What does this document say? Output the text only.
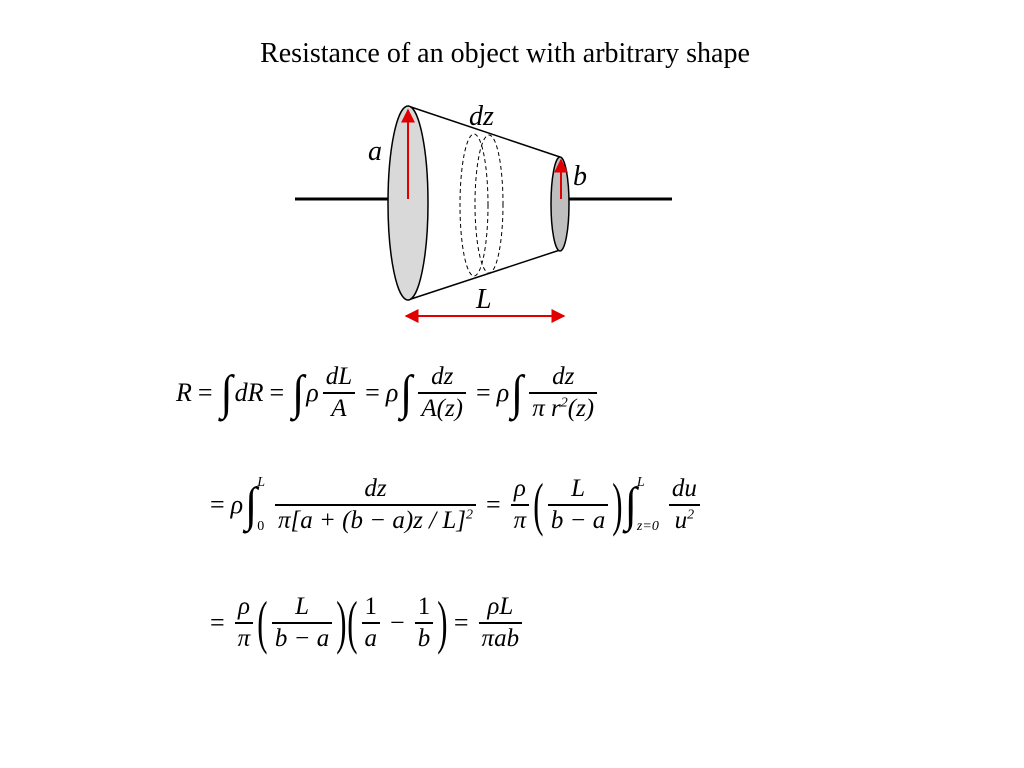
Resistance of an object with arbitrary shape
dz
a
b
L
R = ∫ dR = ∫ ρ $\frac{dL}{A} = \rho$ ∫ $\frac{dz}{A(z)} = \rho$ ∫ $\frac{dz}{\pi r^2(z)}$
= ρ ∫ L
$0 \frac{dz}{\pi[a + (b - a)z / L]^2} = \frac{\rho}{\pi}$ ( $\frac{L}{b - a}$ ) ∫ L
$z=0 \frac{du}{u^2}$
= $\frac{\rho}{\pi}$ ( $\frac{L}{b - a}$ ) ( $\frac{1}{a} - \frac{1}{b}$ ) = $\frac{\rho L}{\text{πab}}$
